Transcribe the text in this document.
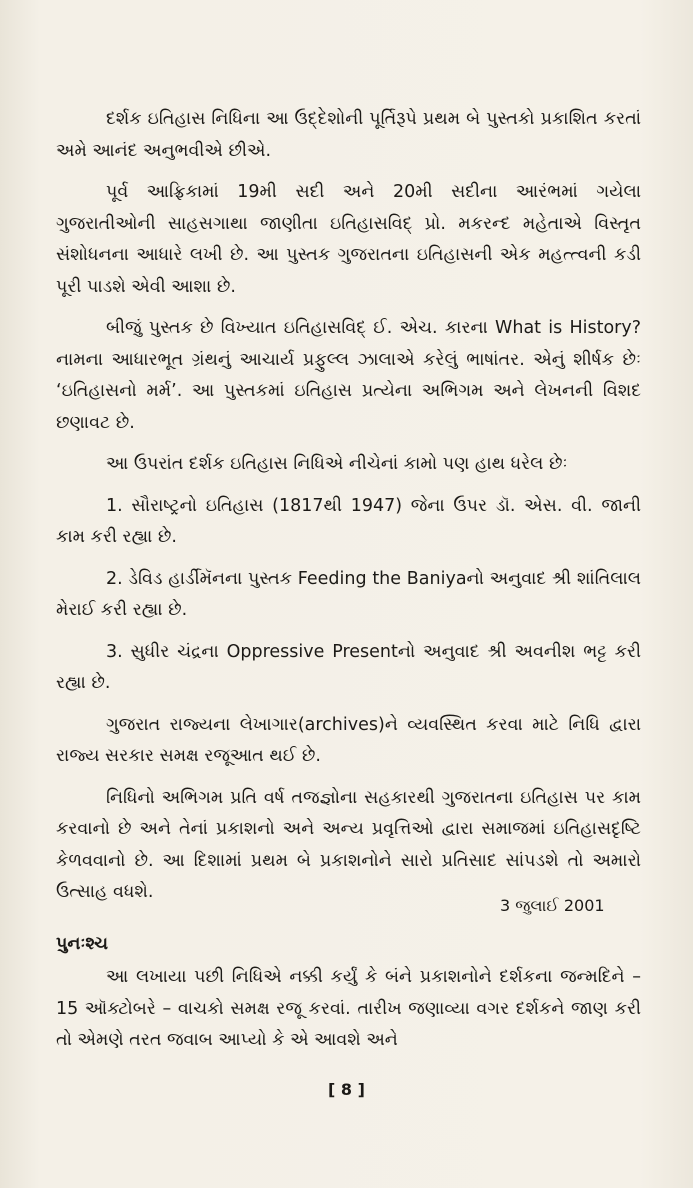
દર્શક ઇતિહાસ નિધિના આ ઉદ્દેશોની પૂર્તિરૂપે પ્રથમ બે પુસ્તકો પ્રકાશિત કરતાં અમે આનંદ અનુભવીએ છીએ.

પૂર્વ આફ્રિકામાં 19મી સદી અને 20મી સદીના આરંભમાં ગયેલા ગુજરાતીઓની સાહસગાથા જાણીતા ઇતિહાસવિદ્ પ્રો. મકરન્દ મહેતાએ વિસ્તૃત સંશોધનના આધારે લખી છે. આ પુસ્તક ગુજરાતના ઇતિહાસની એક મહત્ત્વની કડી પૂરી પાડશે એવી આશા છે.

બીજું પુસ્તક છે વિખ્યાત ઇતિહાસવિદ્ ઈ. એચ. કારના What is History? નામના આધારભૂત ગ્રંથનું આચાર્ય પ્રફુલ્લ ઝાલાએ કરેલું ભાષાંતર. એનું શીર્ષક છેઃ ‘ઇતિહાસનો મર્મ’. આ પુસ્તકમાં ઇતિહાસ પ્રત્યેના અભિગમ અને લેખનની વિશદ છણાવટ છે.

આ ઉપરાંત દર્શક ઇતિહાસ નિધિએ નીચેનાં કામો પણ હાથ ધરેલ છેઃ

1. સૌરાષ્ટ્રનો ઇતિહાસ (1817થી 1947) જેના ઉપર ડૉ. એસ. વી. જાની કામ કરી રહ્યા છે.

2. ડેવિડ હાર્ડીમૅનના પુસ્તક Feeding the Baniyaનો અનુવાદ શ્રી શાંતિલાલ મેરાઈ કરી રહ્યા છે.

3. સુધીર ચંદ્રના Oppressive Presentનો અનુવાદ શ્રી અવનીશ ભટ્ટ કરી રહ્યા છે.

ગુજરાત રાજ્યના લેખાગાર(archives)ને વ્યવસ્થિત કરવા માટે નિધિ દ્વારા રાજ્ય સરકાર સમક્ષ રજૂઆત થઈ છે.

નિધિનો અભિગમ પ્રતિ વર્ષ તજજ્ઞોના સહકારથી ગુજરાતના ઇતિહાસ પર કામ કરવાનો છે અને તેનાં પ્રકાશનો અને અન્ય પ્રવૃત્તિઓ દ્વારા સમાજમાં ઇતિહાસદૃષ્ટિ કેળવવાનો છે. આ દિશામાં પ્રથમ બે પ્રકાશનોને સારો પ્રતિસાદ સાંપડશે તો અમારો ઉત્સાહ વધશે.

3 જુલાઈ 2001
પુનઃશ્ચ

આ લખાયા પછી નિધિએ નક્કી કર્યું કે બંને પ્રકાશનોને દર્શકના જન્મદિને – 15 ઑક્ટોબરે – વાચકો સમક્ષ રજૂ કરવાં. તારીખ જણાવ્યા વગર દર્શકને જાણ કરી તો એમણે તરત જવાબ આપ્યો કે એ આવશે અને

[ 8 ]
